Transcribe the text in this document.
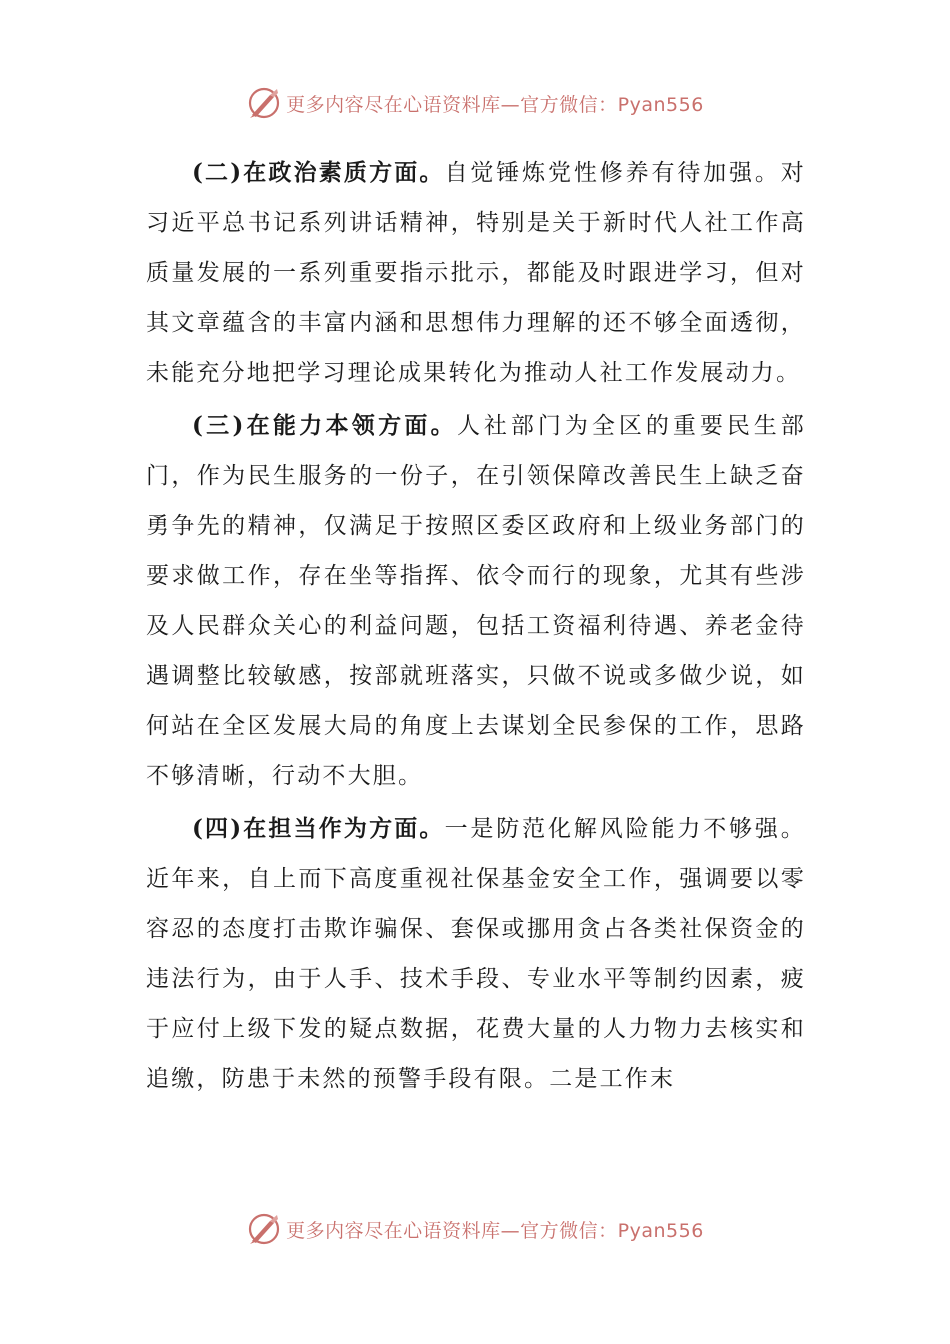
更多内容尽在心语资料库—官方微信：Pyan556

(二)在政治素质方面。自觉锤炼党性修养有待加强。对习近平总书记系列讲话精神，特别是关于新时代人社工作高质量发展的一系列重要指示批示，都能及时跟进学习，但对其文章蕴含的丰富内涵和思想伟力理解的还不够全面透彻，未能充分地把学习理论成果转化为推动人社工作发展动力。

(三)在能力本领方面。人社部门为全区的重要民生部门，作为民生服务的一份子，在引领保障改善民生上缺乏奋勇争先的精神，仅满足于按照区委区政府和上级业务部门的要求做工作，存在坐等指挥、依令而行的现象，尤其有些涉及人民群众关心的利益问题，包括工资福利待遇、养老金待遇调整比较敏感，按部就班落实，只做不说或多做少说，如何站在全区发展大局的角度上去谋划全民参保的工作，思路不够清晰，行动不大胆。

(四)在担当作为方面。一是防范化解风险能力不够强。近年来，自上而下高度重视社保基金安全工作，强调要以零容忍的态度打击欺诈骗保、套保或挪用贪占各类社保资金的违法行为，由于人手、技术手段、专业水平等制约因素，疲于应付上级下发的疑点数据，花费大量的人力物力去核实和追缴，防患于未然的预警手段有限。二是工作末

更多内容尽在心语资料库—官方微信：Pyan556
